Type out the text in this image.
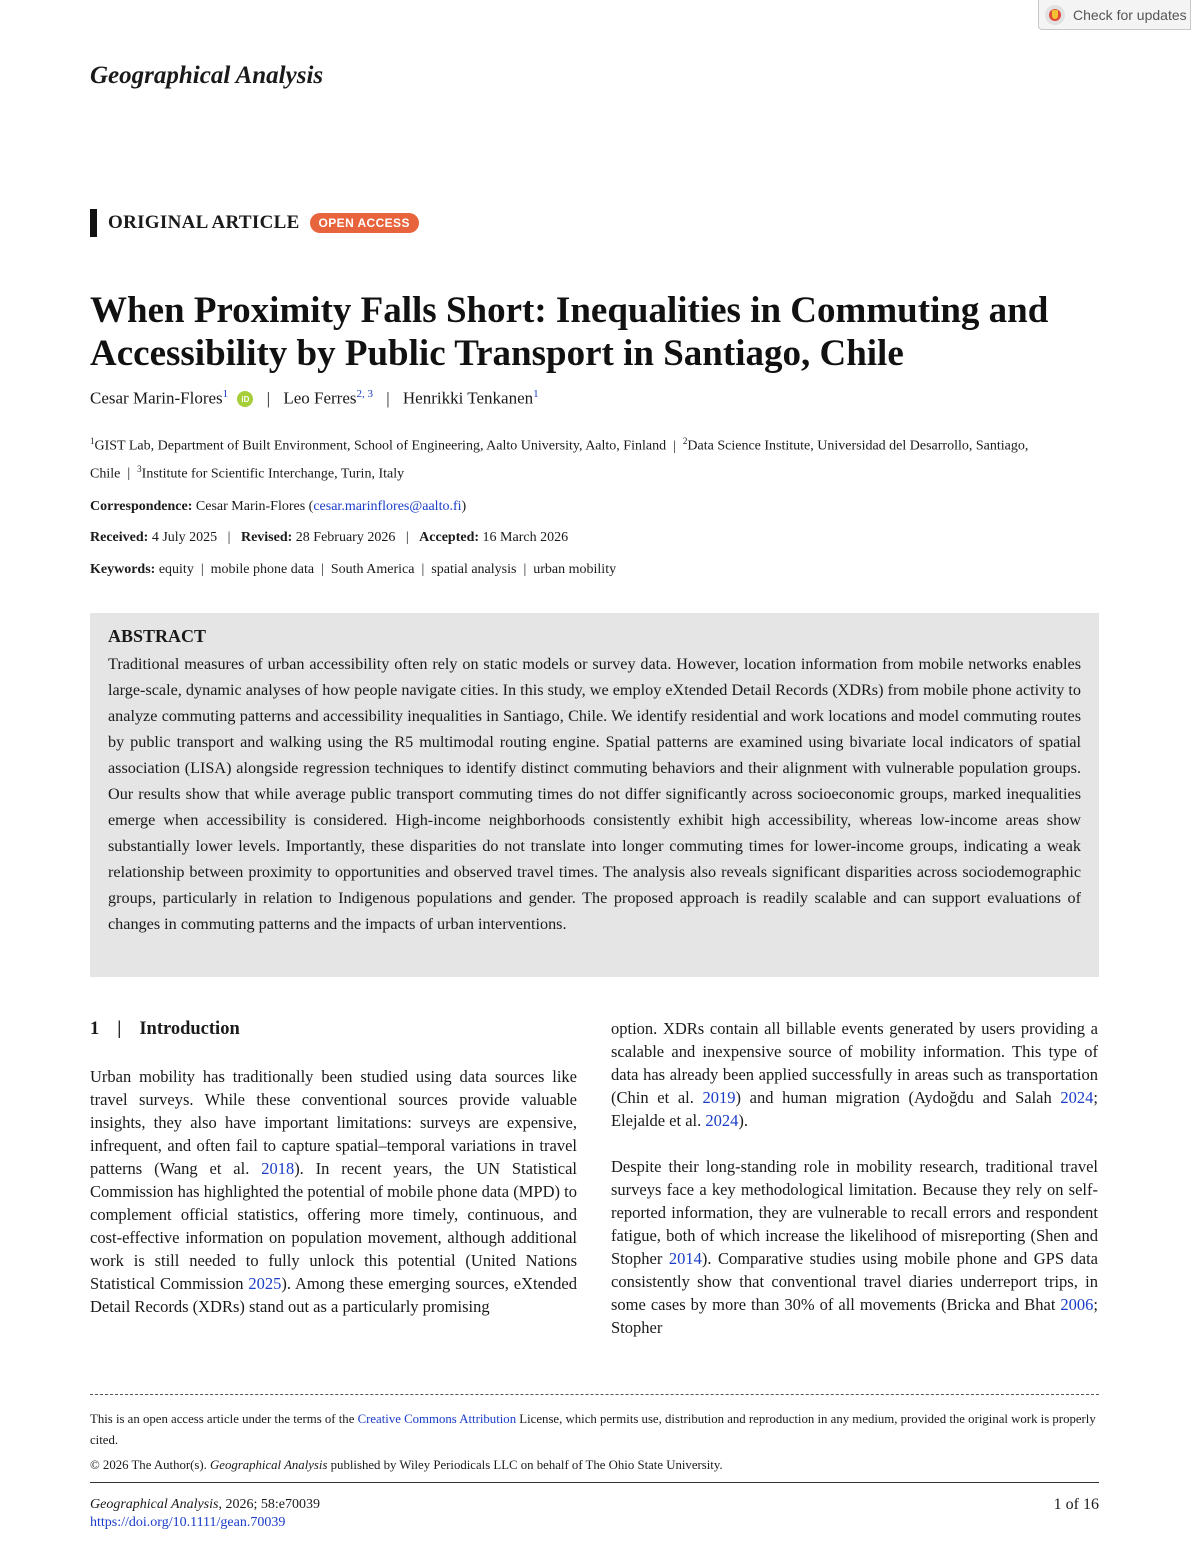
Check for updates
Geographical Analysis
ORIGINAL ARTICLE	OPEN ACCESS
When Proximity Falls Short: Inequalities in Commuting and Accessibility by Public Transport in Santiago, Chile
Cesar Marin-Flores$^1$ iD | Leo Ferres$^{2, 3}$ | Henrikki Tenkanen$^1$
$^1$GIST Lab, Department of Built Environment, School of Engineering, Aalto University, Aalto, Finland | $^2$Data Science Institute, Universidad del Desarrollo, Santiago, Chile | $^3$Institute for Scientific Interchange, Turin, Italy
Correspondence: Cesar Marin-Flores (cesar.marinflores@aalto.fi)
Received: 4 July 2025 | Revised: 28 February 2026 | Accepted: 16 March 2026
Keywords: equity | mobile phone data | South America | spatial analysis | urban mobility
ABSTRACT

Traditional measures of urban accessibility often rely on static models or survey data. However, location information from mobile networks enables large-scale, dynamic analyses of how people navigate cities. In this study, we employ eXtended Detail Records (XDRs) from mobile phone activity to analyze commuting patterns and accessibility inequalities in Santiago, Chile. We identify residential and work locations and model commuting routes by public transport and walking using the R5 multimodal routing engine. Spatial patterns are examined using bivariate local indicators of spatial association (LISA) alongside regression techniques to identify distinct commuting behaviors and their alignment with vulnerable population groups. Our results show that while average public transport commuting times do not differ significantly across socioeconomic groups, marked inequalities emerge when accessibility is considered. High-income neighborhoods consistently exhibit high accessibility, whereas low-income areas show substantially lower levels. Importantly, these disparities do not translate into longer commuting times for lower-income groups, indicating a weak relationship between proximity to opportunities and observed travel times. The analysis also reveals significant disparities across sociodemographic groups, particularly in relation to Indigenous populations and gender. The proposed approach is readily scalable and can support evaluations of changes in commuting patterns and the impacts of urban interventions.

1 | Introduction

Urban mobility has traditionally been studied using data sources like travel surveys. While these conventional sources provide valuable insights, they also have important limitations: surveys are expensive, infrequent, and often fail to capture spatial–temporal variations in travel patterns (Wang et al. 2018). In recent years, the UN Statistical Commission has highlighted the potential of mobile phone data (MPD) to complement official statistics, offering more timely, continuous, and cost-effective information on population movement, although additional work is still needed to fully unlock this potential (United Nations Statistical Commission 2025). Among these emerging sources, eXtended Detail Records (XDRs) stand out as a particularly promising

option. XDRs contain all billable events generated by users providing a scalable and inexpensive source of mobility information. This type of data has already been applied successfully in areas such as transportation (Chin et al. 2019) and human migration (Aydoğdu and Salah 2024; Elejalde et al. 2024).

Despite their long-standing role in mobility research, traditional travel surveys face a key methodological limitation. Because they rely on self-reported information, they are vulnerable to recall errors and respondent fatigue, both of which increase the likelihood of misreporting (Shen and Stopher 2014). Comparative studies using mobile phone and GPS data consistently show that conventional travel diaries underreport trips, in some cases by more than 30% of all movements (Bricka and Bhat 2006; Stopher

This is an open access article under the terms of the Creative Commons Attribution License, which permits use, distribution and reproduction in any medium, provided the original work is properly cited.
© 2026 The Author(s). Geographical Analysis published by Wiley Periodicals LLC on behalf of The Ohio State University.
Geographical Analysis, 2026; 58:e70039
https://doi.org/10.1111/gean.70039
1 of 16
